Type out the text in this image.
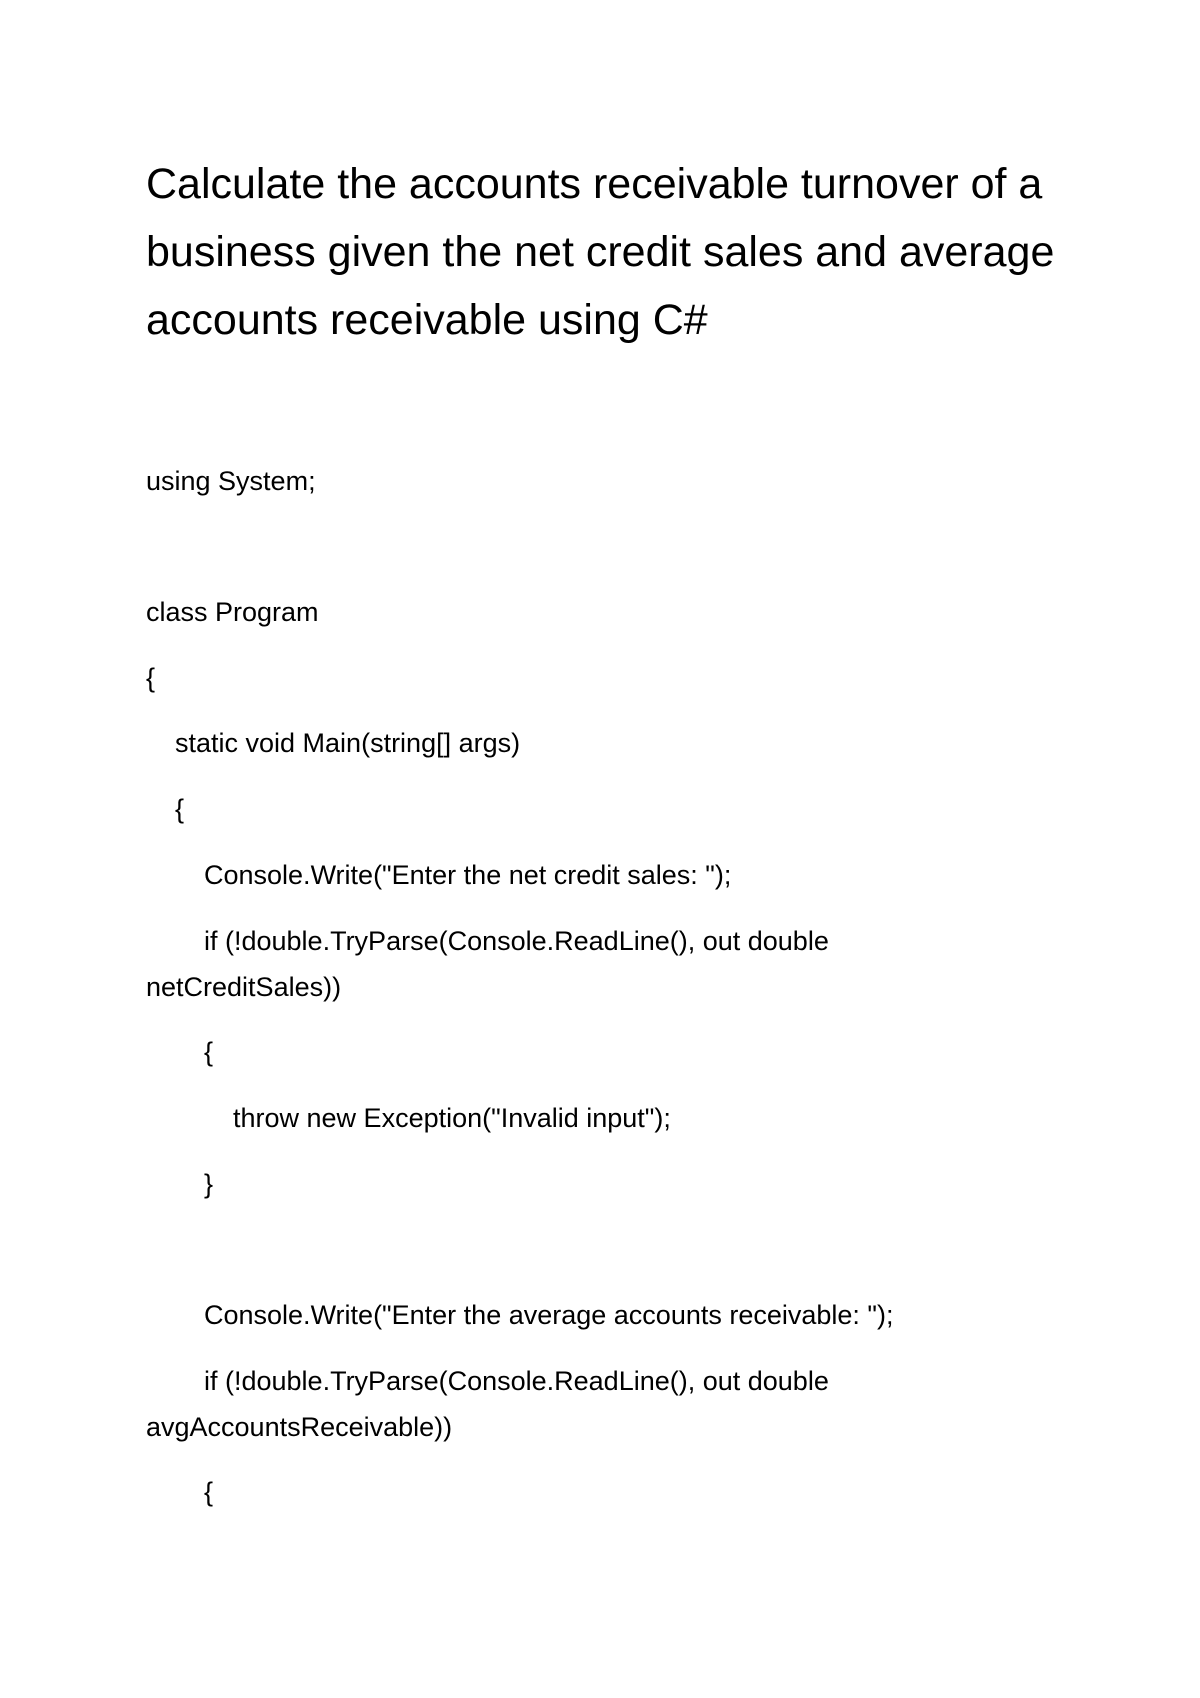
Calculate the accounts receivable turnover of a business given the net credit sales and average accounts receivable using C#

using System;

class Program

{

static void Main(string[] args)

{

Console.Write("Enter the net credit sales: ");

if (!double.TryParse(Console.ReadLine(), out double

netCreditSales))

{

throw new Exception("Invalid input");

}

Console.Write("Enter the average accounts receivable: ");

if (!double.TryParse(Console.ReadLine(), out double

avgAccountsReceivable))

{
